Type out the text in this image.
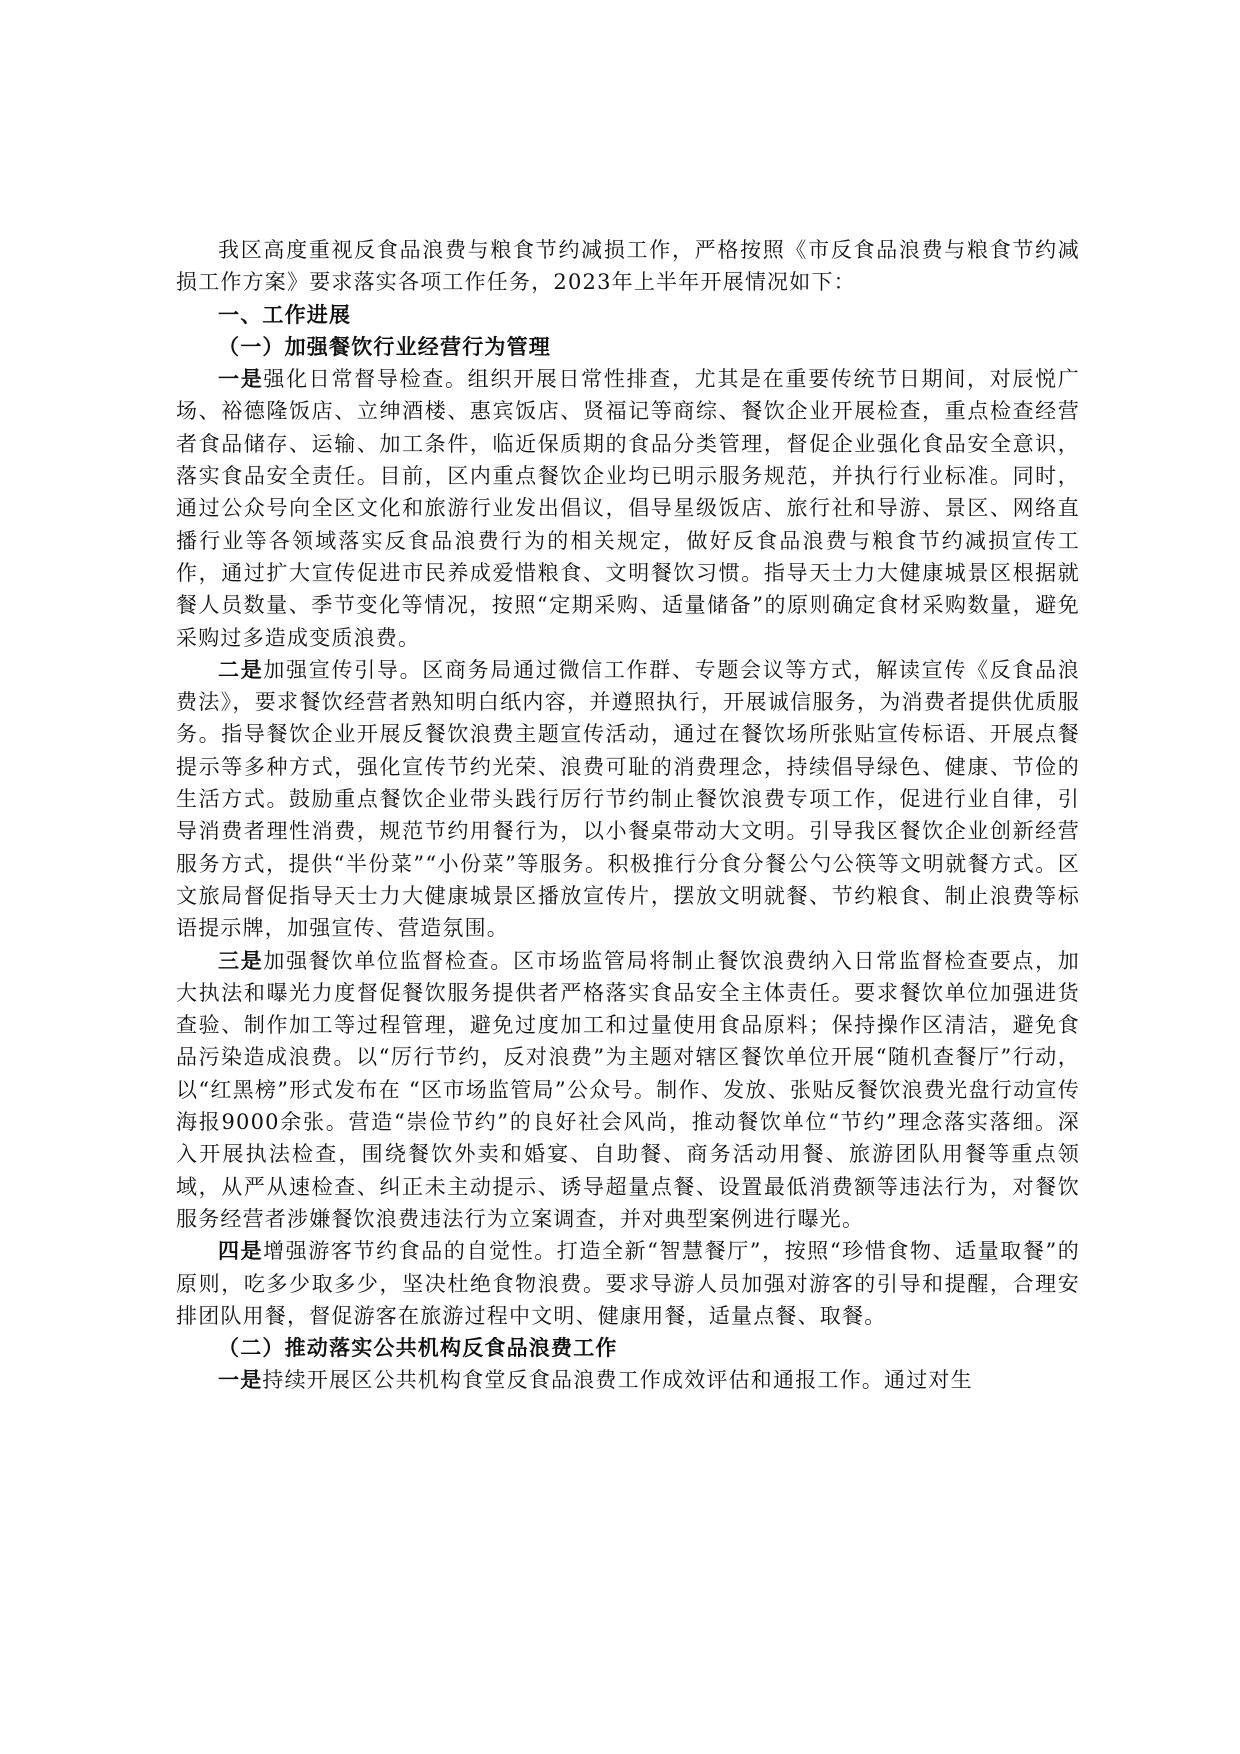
我区高度重视反食品浪费与粮食节约减损工作，严格按照《市反食品浪费与粮食节约减损工作方案》要求落实各项工作任务，2023年上半年开展情况如下：

一、工作进展

（一）加强餐饮行业经营行为管理

一是强化日常督导检查。组织开展日常性排查，尤其是在重要传统节日期间，对辰悦广场、裕德隆饭店、立绅酒楼、惠宾饭店、贤福记等商综、餐饮企业开展检查，重点检查经营者食品储存、运输、加工条件，临近保质期的食品分类管理，督促企业强化食品安全意识，落实食品安全责任。目前，区内重点餐饮企业均已明示服务规范，并执行行业标准。同时，通过公众号向全区文化和旅游行业发出倡议，倡导星级饭店、旅行社和导游、景区、网络直播行业等各领域落实反食品浪费行为的相关规定，做好反食品浪费与粮食节约减损宣传工作，通过扩大宣传促进市民养成爱惜粮食、文明餐饮习惯。指导天士力大健康城景区根据就餐人员数量、季节变化等情况，按照“定期采购、适量储备”的原则确定食材采购数量，避免采购过多造成变质浪费。

二是加强宣传引导。区商务局通过微信工作群、专题会议等方式，解读宣传《反食品浪费法》，要求餐饮经营者熟知明白纸内容，并遵照执行，开展诚信服务，为消费者提供优质服务。指导餐饮企业开展反餐饮浪费主题宣传活动，通过在餐饮场所张贴宣传标语、开展点餐提示等多种方式，强化宣传节约光荣、浪费可耻的消费理念，持续倡导绿色、健康、节俭的生活方式。鼓励重点餐饮企业带头践行厉行节约制止餐饮浪费专项工作，促进行业自律，引导消费者理性消费，规范节约用餐行为，以小餐桌带动大文明。引导我区餐饮企业创新经营服务方式，提供“半份菜”“小份菜”等服务。积极推行分食分餐公勺公筷等文明就餐方式。区文旅局督促指导天士力大健康城景区播放宣传片，摆放文明就餐、节约粮食、制止浪费等标语提示牌，加强宣传、营造氛围。

三是加强餐饮单位监督检查。区市场监管局将制止餐饮浪费纳入日常监督检查要点，加大执法和曝光力度督促餐饮服务提供者严格落实食品安全主体责任。要求餐饮单位加强进货查验、制作加工等过程管理，避免过度加工和过量使用食品原料；保持操作区清洁，避免食品污染造成浪费。以“厉行节约，反对浪费”为主题对辖区餐饮单位开展“随机查餐厅”行动，以“红黑榜”形式发布在 “区市场监管局”公众号。制作、发放、张贴反餐饮浪费光盘行动宣传海报9000余张。营造“崇俭节约”的良好社会风尚，推动餐饮单位“节约”理念落实落细。深入开展执法检查，围绕餐饮外卖和婚宴、自助餐、商务活动用餐、旅游团队用餐等重点领域，从严从速检查、纠正未主动提示、诱导超量点餐、设置最低消费额等违法行为，对餐饮服务经营者涉嫌餐饮浪费违法行为立案调查，并对典型案例进行曝光。

四是增强游客节约食品的自觉性。打造全新“智慧餐厅”，按照“珍惜食物、适量取餐”的原则，吃多少取多少，坚决杜绝食物浪费。要求导游人员加强对游客的引导和提醒，合理安排团队用餐，督促游客在旅游过程中文明、健康用餐，适量点餐、取餐。

（二）推动落实公共机构反食品浪费工作

一是持续开展区公共机构食堂反食品浪费工作成效评估和通报工作。通过对生
